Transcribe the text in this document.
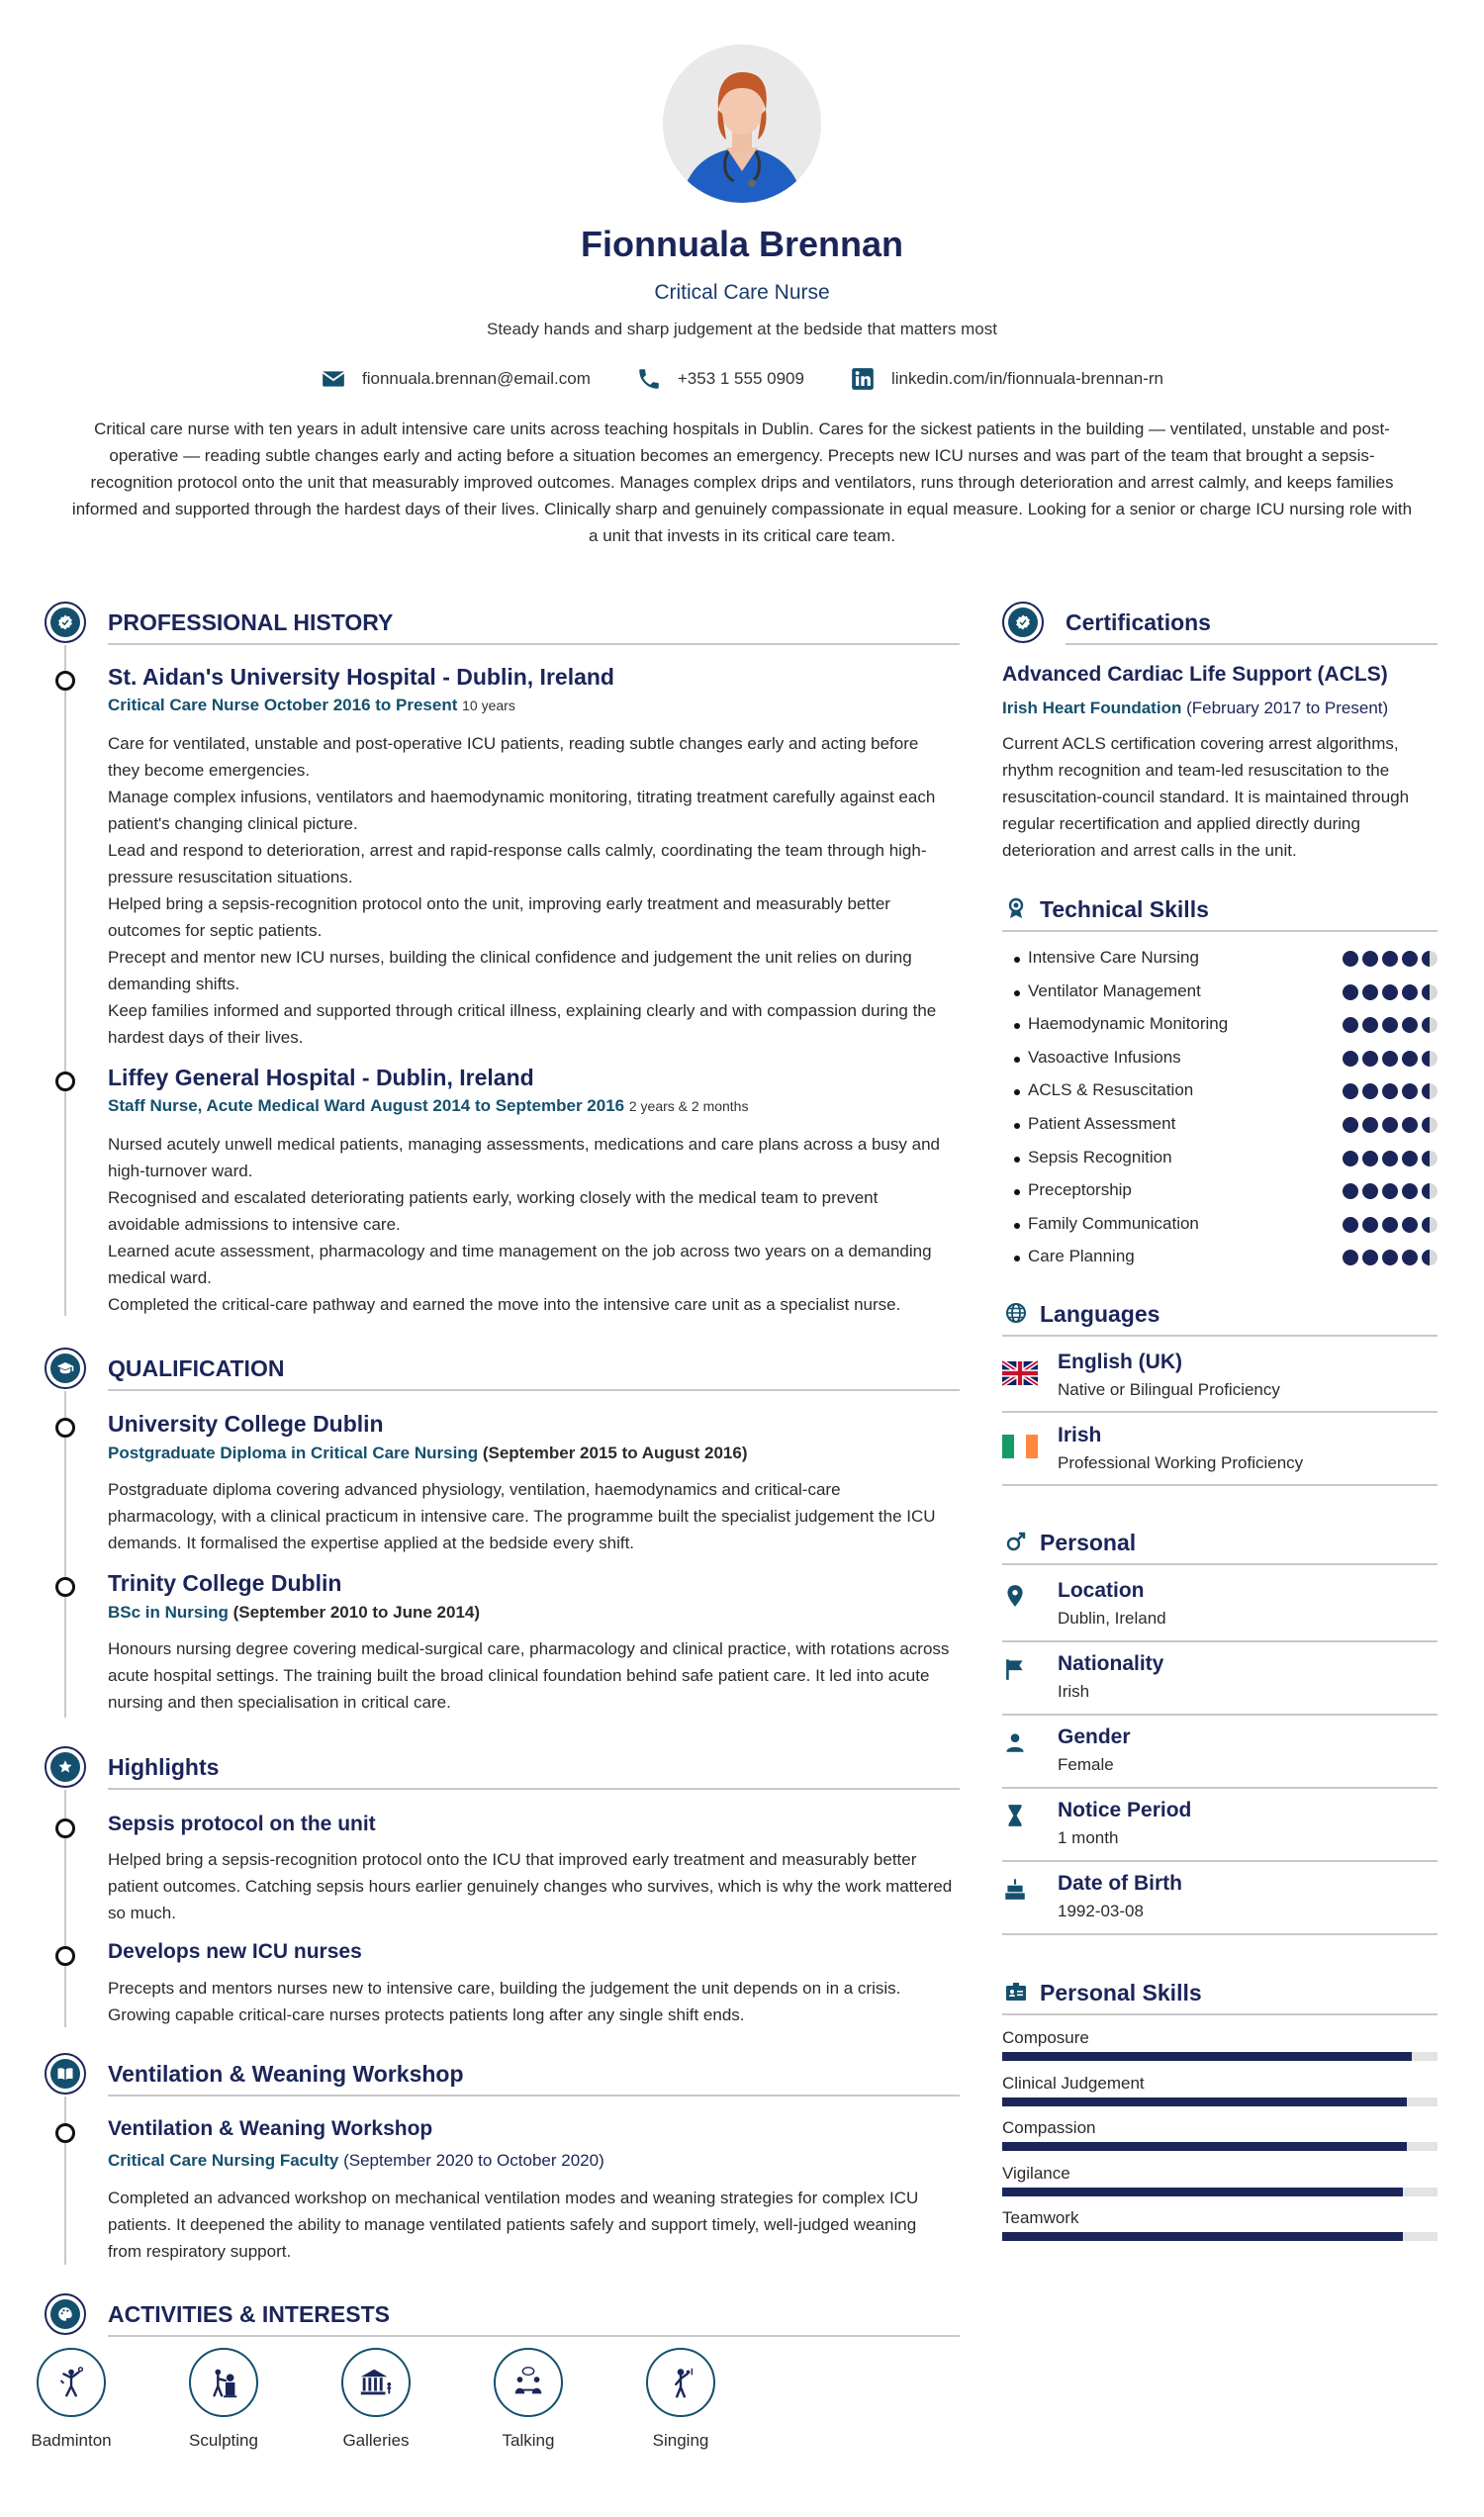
Fionnuala Brennan
Critical Care Nurse
Steady hands and sharp judgement at the bedside that matters most
fionnuala.brennan@email.com	+353 1 555 0909	linkedin.com/in/fionnuala-brennan-rn
Critical care nurse with ten years in adult intensive care units across teaching hospitals in Dublin. Cares for the sickest patients in the building — ventilated, unstable and post-operative — reading subtle changes early and acting before a situation becomes an emergency. Precepts new ICU nurses and was part of the team that brought a sepsis-recognition protocol onto the unit that measurably improved outcomes. Manages complex drips and ventilators, runs through deterioration and arrest calmly, and keeps families informed and supported through the hardest days of their lives. Clinically sharp and genuinely compassionate in equal measure. Looking for a senior or charge ICU nursing role with a unit that invests in its critical care team.
PROFESSIONAL HISTORY
St. Aidan's University Hospital - Dublin, Ireland
Critical Care Nurse October 2016 to Present 10 years
Care for ventilated, unstable and post-operative ICU patients, reading subtle changes early and acting before they become emergencies.
Manage complex infusions, ventilators and haemodynamic monitoring, titrating treatment carefully against each patient's changing clinical picture.
Lead and respond to deterioration, arrest and rapid-response calls calmly, coordinating the team through high-pressure resuscitation situations.
Helped bring a sepsis-recognition protocol onto the unit, improving early treatment and measurably better outcomes for septic patients.
Precept and mentor new ICU nurses, building the clinical confidence and judgement the unit relies on during demanding shifts.
Keep families informed and supported through critical illness, explaining clearly and with compassion during the hardest days of their lives.
Liffey General Hospital - Dublin, Ireland
Staff Nurse, Acute Medical Ward August 2014 to September 2016 2 years & 2 months
Nursed acutely unwell medical patients, managing assessments, medications and care plans across a busy and high-turnover ward.
Recognised and escalated deteriorating patients early, working closely with the medical team to prevent avoidable admissions to intensive care.
Learned acute assessment, pharmacology and time management on the job across two years on a demanding medical ward.
Completed the critical-care pathway and earned the move into the intensive care unit as a specialist nurse.
QUALIFICATION
University College Dublin
Postgraduate Diploma in Critical Care Nursing (September 2015 to August 2016)
Postgraduate diploma covering advanced physiology, ventilation, haemodynamics and critical-care pharmacology, with a clinical practicum in intensive care. The programme built the specialist judgement the ICU demands. It formalised the expertise applied at the bedside every shift.
Trinity College Dublin
BSc in Nursing (September 2010 to June 2014)
Honours nursing degree covering medical-surgical care, pharmacology and clinical practice, with rotations across acute hospital settings. The training built the broad clinical foundation behind safe patient care. It led into acute nursing and then specialisation in critical care.
Highlights
Sepsis protocol on the unit
Helped bring a sepsis-recognition protocol onto the ICU that improved early treatment and measurably better patient outcomes. Catching sepsis hours earlier genuinely changes who survives, which is why the work mattered so much.
Develops new ICU nurses
Precepts and mentors nurses new to intensive care, building the judgement the unit depends on in a crisis. Growing capable critical-care nurses protects patients long after any single shift ends.
Ventilation & Weaning Workshop
Ventilation & Weaning Workshop
Critical Care Nursing Faculty (September 2020 to October 2020)
Completed an advanced workshop on mechanical ventilation modes and weaning strategies for complex ICU patients. It deepened the ability to manage ventilated patients safely and support timely, well-judged weaning from respiratory support.
ACTIVITIES & INTERESTS
Badminton	Sculpting	Galleries	Talking	Singing
Certifications
Advanced Cardiac Life Support (ACLS)
Irish Heart Foundation (February 2017 to Present)
Current ACLS certification covering arrest algorithms, rhythm recognition and team-led resuscitation to the resuscitation-council standard. It is maintained through regular recertification and applied directly during deterioration and arrest calls in the unit.
Technical Skills
Intensive Care Nursing
Ventilator Management
Haemodynamic Monitoring
Vasoactive Infusions
ACLS & Resuscitation
Patient Assessment
Sepsis Recognition
Preceptorship
Family Communication
Care Planning
Languages
English (UK)
Native or Bilingual Proficiency
Irish
Professional Working Proficiency
Personal
Location
Dublin, Ireland
Nationality
Irish
Gender
Female
Notice Period
1 month
Date of Birth
1992-03-08
Personal Skills
Composure
Clinical Judgement
Compassion
Vigilance
Teamwork
